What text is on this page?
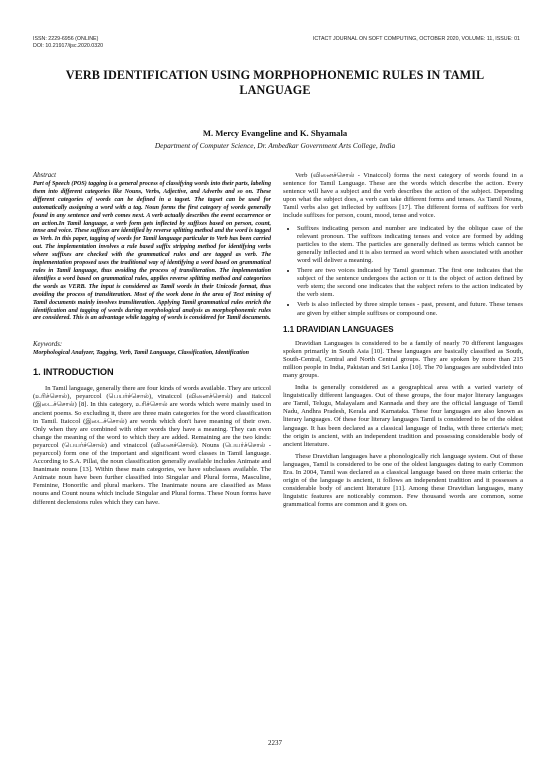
ISSN: 2229-6956 (ONLINE)
DOI: 10.21917/ijsc.2020.0320
ICTACT JOURNAL ON SOFT COMPUTING, OCTOBER 2020, VOLUME: 11, ISSUE: 01
VERB IDENTIFICATION USING MORPHOPHONEMIC RULES IN TAMIL LANGUAGE
M. Mercy Evangeline and K. Shyamala
Department of Computer Science, Dr. Ambedkar Government Arts College, India
Abstract

Part of Speech (POS) tagging is a general process of classifying words into their parts, labeling them into different categories like Nouns, Verbs, Adjective, and Adverbs and so on. These different categories of words can be defined in a tagset. The tagset can be used for automatically assigning a word with a tag. Noun forms the first category of words generally found in any sentence and verb comes next. A verb actually describes the event occurrence or an action.In Tamil language, a verb form gets inflected by suffixes based on person, count, tense and voice. These suffixes are identified by reverse splitting method and the word is tagged as Verb. In this paper, tagging of words for Tamil language particular to Verb has been carried out. The implementation involves a rule based suffix stripping method for identifying verbs where suffixes are checked with the grammatical rules and are tagged as verb. The implementation proposed uses the traditional way of identifying a word based on grammatical rules in Tamil language, thus avoiding the process of transliteration. The implementation identifies a word based on grammatical rules, applies reverse splitting method and categorizes the words as VERB. The input is considered as Tamil words in their Unicode format, thus avoiding the process of transliteration. Most of the work done in the area of Text mining of Tamil documents mainly involves transliteration. Applying Tamil grammatical rules enrich the identification and tagging of words during morphological analysis as morphophonemic rules are considered. This is an advantage while tagging of words is considered for Tamil documents.

Keywords:

Morphological Analyzer, Tagging, Verb, Tamil Language, Classification, Identification

1. INTRODUCTION

In Tamil language, generally there are four kinds of words available. They are uriccol (உரிச்சொல்), peyarccol (பெயர்ச்சொல்), vinaiccol (வினைச்சொல்) and itaiccol (இடைச்சொல்) [8]. In this category, உரிச்சொல் are words which were mainly used in ancient poems. So excluding it, there are three main categories for the word classification in Tamil. Itaiccol (இடைச்சொல்) are words which don't have meaning of their own. Only when they are combined with other words they have a meaning. They can even change the meaning of the word to which they are added. Remaining are the two kinds: peyarccol (பெயர்ச்சொல்) and vinaiccol (வினைச்சொல்). Nouns (பெயர்ச்சொல் - peyarccol) form one of the important and significant word classes in Tamil language. According to S.A. Pillai, the noun classification generally available includes Animate and Inanimate nouns [13]. Within these main categories, we have subclasses available. The Animate noun have been further classified into Singular and Plural forms, Masculine, Feminine, Honorific and plural markers. The Inanimate nouns are classified as Mass nouns and Count nouns which include Singular and Plural forms. These Noun forms have different declensions rules which they can have.

Verb (வினைச்சொல் - Vinaiccol) forms the next category of words found in a sentence for Tamil Language. These are the words which describe the action. Every sentence will have a subject and the verb describes the action of the subject. Depending upon what the subject does, a verb can take different forms and tenses. As Tamil Nouns, Tamil verbs also get inflected by suffixes [17]. The different forms of suffixes for verb include suffixes for person, count, mood, tense and voice.

• Suffixes indicating person and number are indicated by the oblique case of the relevant pronoun. The suffixes indicating tenses and voice are formed by adding particles to the stem. The particles are generally defined as terms which cannot be generally inflected and it is also termed as word which when associated with another word will deliver a meaning.
• There are two voices indicated by Tamil grammar. The first one indicates that the subject of the sentence undergoes the action or it is the object of action defined by verb stem; the second one indicates that the subject refers to the action indicated by the verb stem.
• Verb is also inflected by three simple tenses - past, present, and future. These tenses are given by either simple suffixes or compound one.
1.1 DRAVIDIAN LANGUAGES

Dravidian Languages is considered to be a family of nearly 70 different languages spoken primarily in South Asia [10]. These languages are basically classified as South, South-Central, Central and North Central groups. They are spoken by more than 215 million people in India, Pakistan and Sri Lanka [10]. The 70 languages are subdivided into many groups.

India is generally considered as a geographical area with a varied variety of linguistically different languages. Out of these groups, the four major literary languages are Tamil, Telugu, Malayalam and Kannada and they are the official language of Tamil Nadu, Andhra Pradesh, Kerala and Karnataka. These four languages are also known as literary languages. Of these four literary languages Tamil is considered to be of the oldest language. It has been declared as a classical language of India, with three criteria's met; the origin is ancient, with an independent tradition and possessing considerable body of ancient literature.

These Dravidian languages have a phonologically rich language system. Out of these languages, Tamil is considered to be one of the oldest languages dating to early Common Era. In 2004, Tamil was declared as a classical language based on three main criteria: the origin of the language is ancient, it follows an independent tradition and it possesses a considerable body of ancient literature [11]. Among these Dravidian languages, many linguistic features are noticeably common. Few thousand words are common, some grammatical forms are common and it goes on.

2237
